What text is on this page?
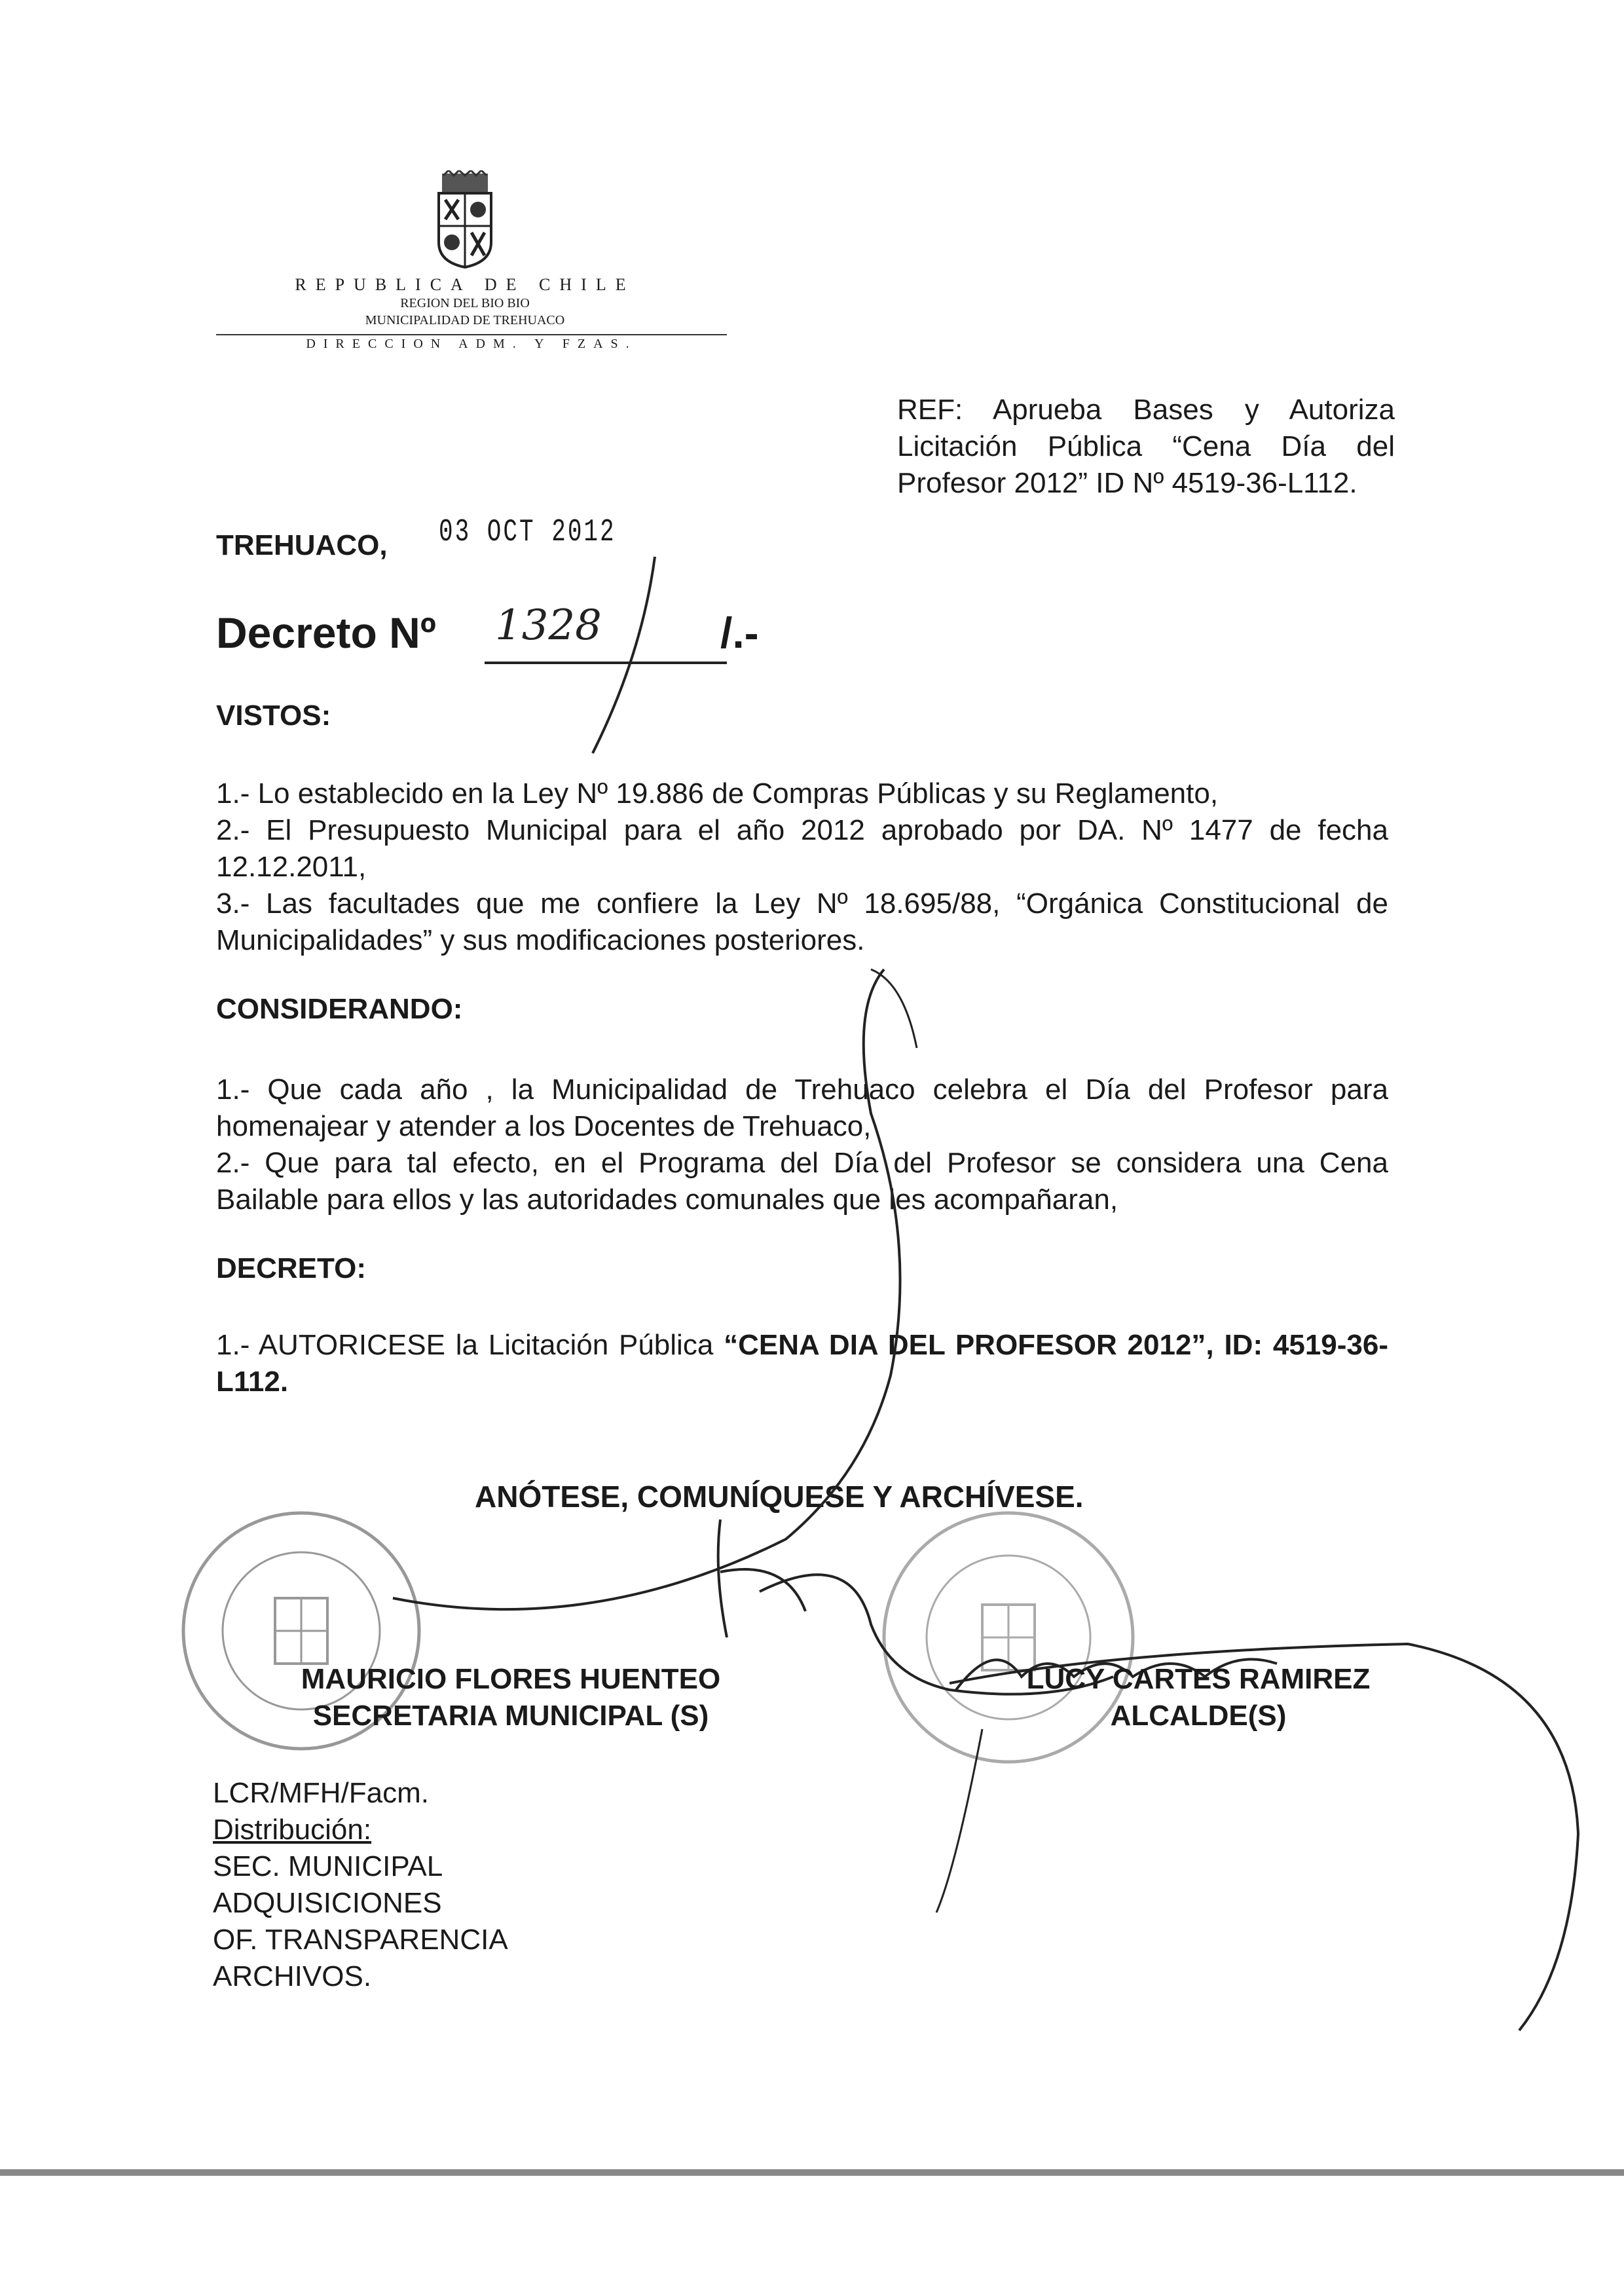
REPUBLICA DE CHILE
REGION DEL BIO BIO
MUNICIPALIDAD DE TREHUACO
DIRECCION ADM. Y FZAS.
REF: Aprueba Bases y Autoriza Licitación Pública “Cena Día del Profesor 2012” ID Nº 4519-36-L112.
TREHUACO, 03 OCT 2012
Decreto Nº 1328	/.-
VISTOS:
1.- Lo establecido en la Ley Nº 19.886 de Compras Públicas y su Reglamento,
2.- El Presupuesto Municipal para el año 2012 aprobado por DA. Nº 1477 de fecha 12.12.2011,
3.- Las facultades que me confiere la Ley Nº 18.695/88, “Orgánica Constitucional de Municipalidades” y sus modificaciones posteriores.
CONSIDERANDO:
1.- Que cada año , la Municipalidad de Trehuaco celebra el Día del Profesor para homenajear y atender a los Docentes de Trehuaco,
2.- Que para tal efecto, en el Programa del Día del Profesor se considera una Cena Bailable para ellos y las autoridades comunales que les acompañaran,
DECRETO:
1.- AUTORICESE la Licitación Pública “CENA DIA DEL PROFESOR 2012”, ID: 4519-36-L112.
ANÓTESE, COMUNÍQUESE Y ARCHÍVESE.
MAURICIO FLORES HUENTEO
SECRETARIA MUNICIPAL (S)
LUCY CARTES RAMIREZ
ALCALDE(S)
LCR/MFH/Facm.
Distribución:
SEC. MUNICIPAL
ADQUISICIONES
OF. TRANSPARENCIA
ARCHIVOS.
